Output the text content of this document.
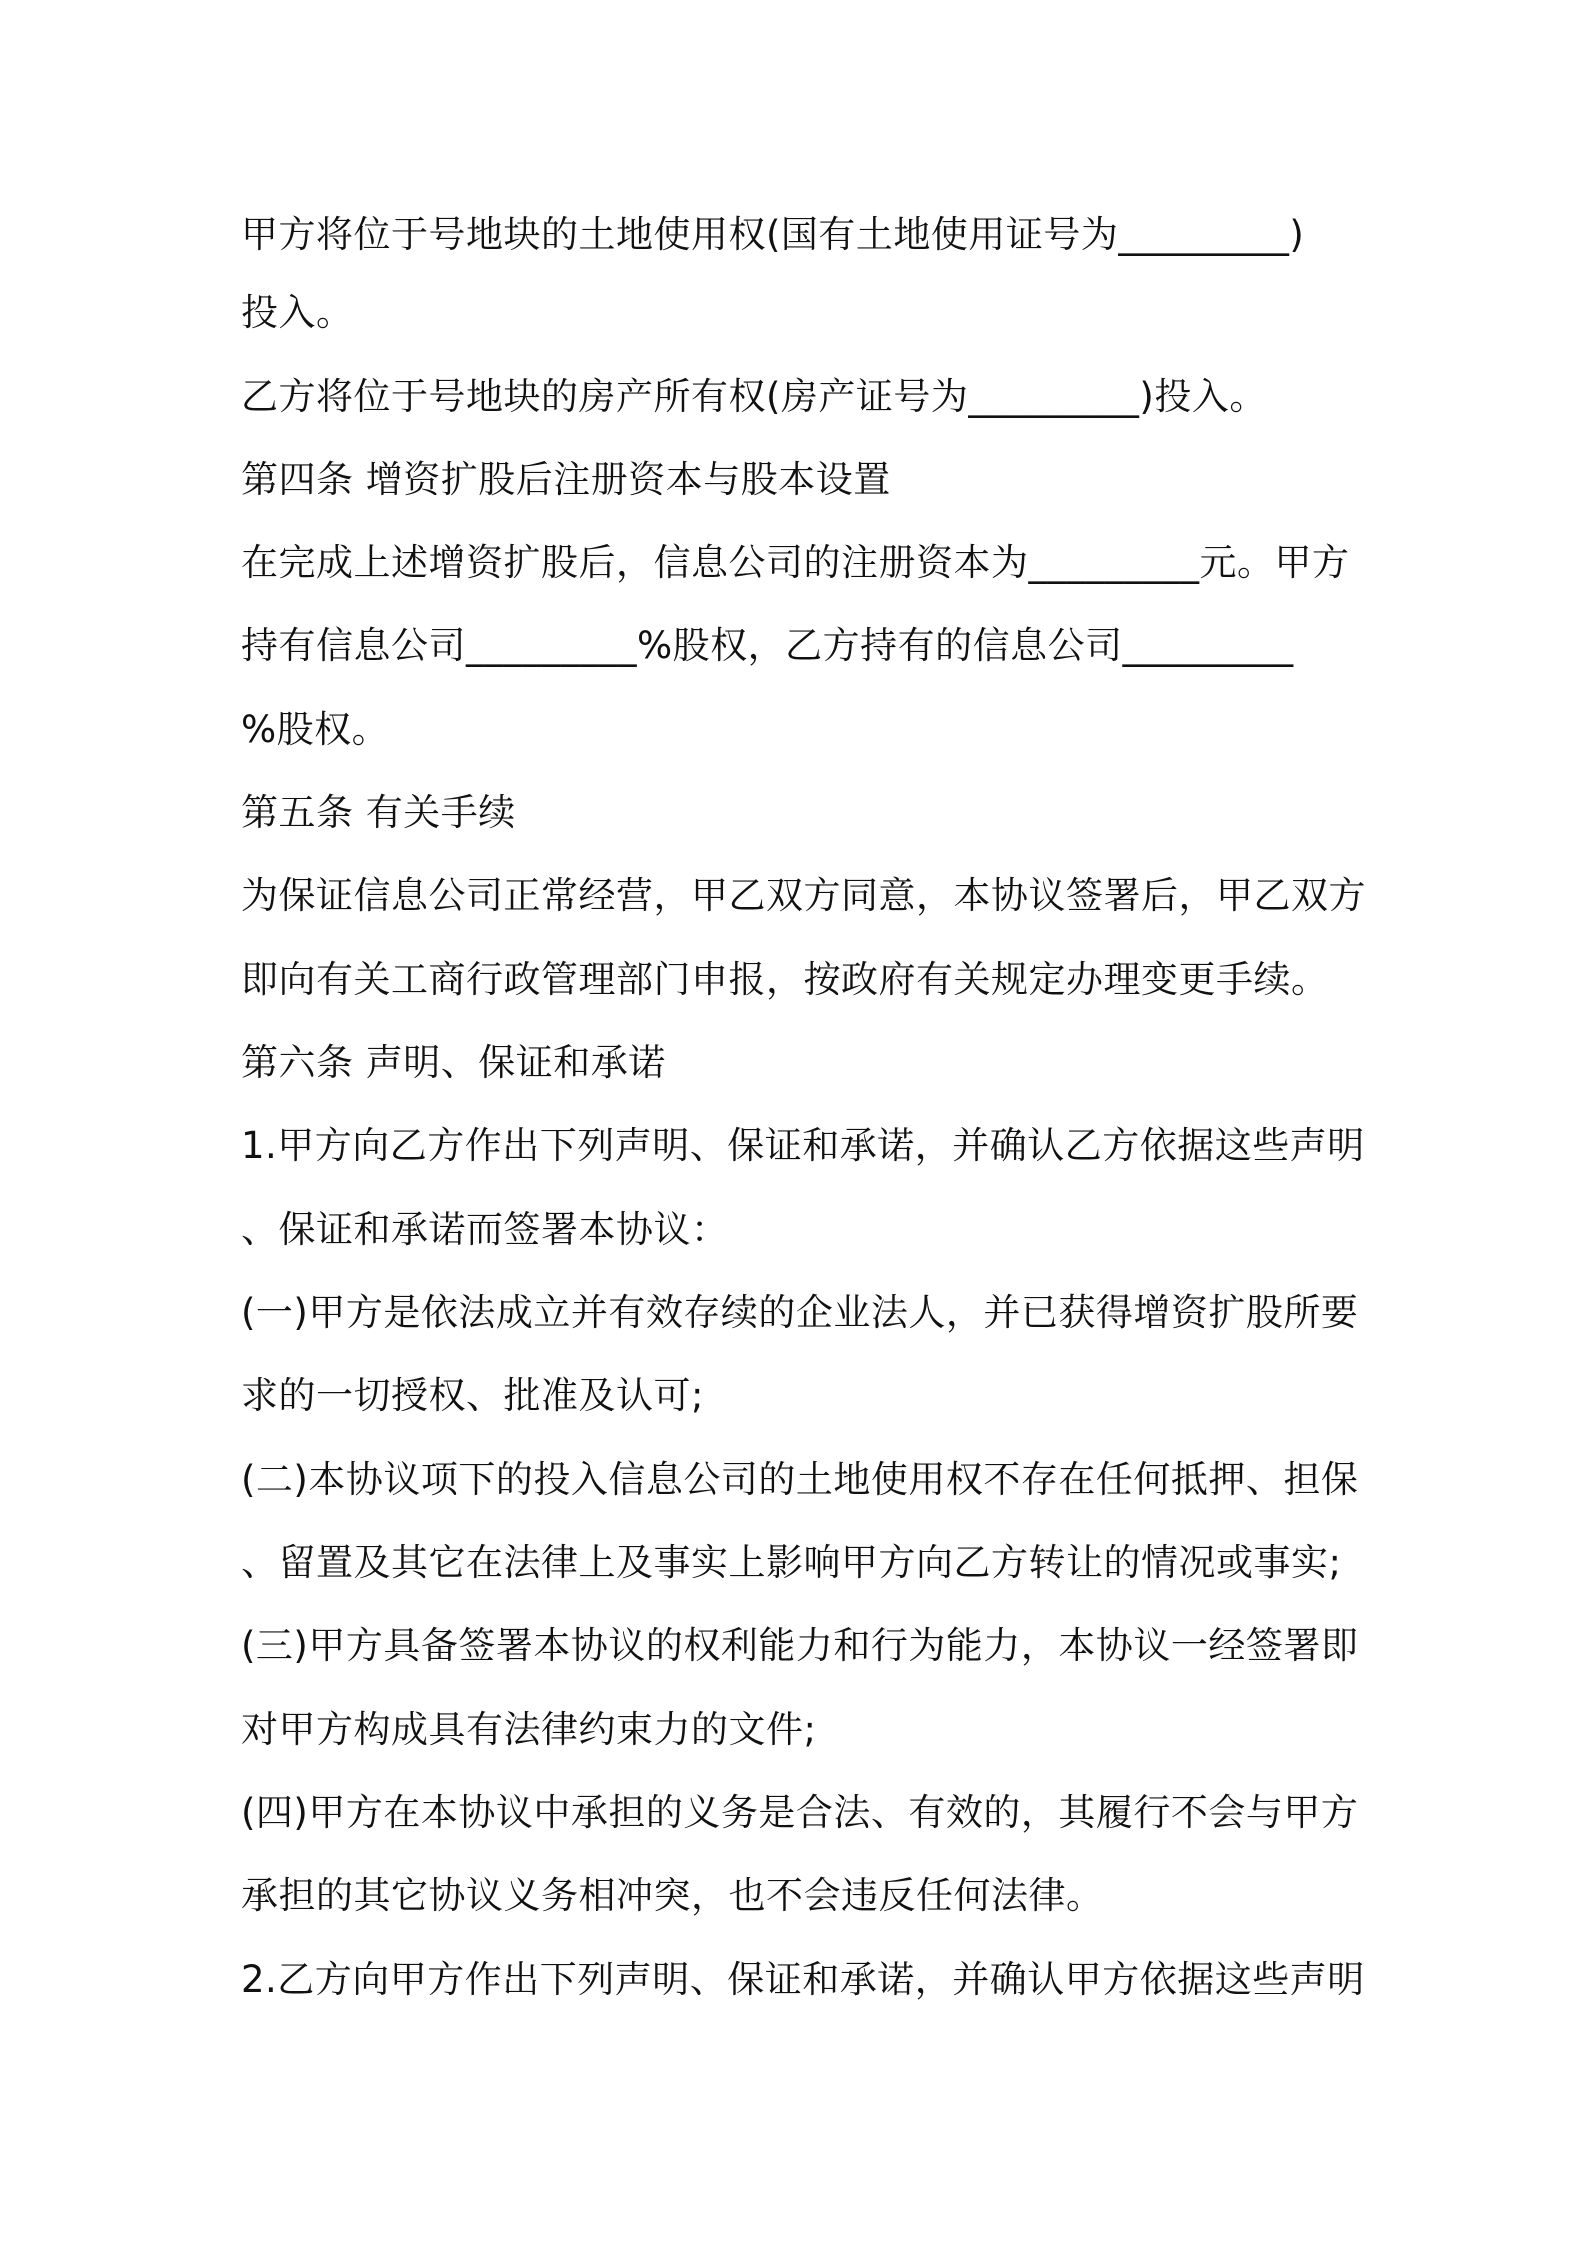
甲方将位于号地块的土地使用权(国有土地使用证号为_________)
投入。
乙方将位于号地块的房产所有权(房产证号为_________)投入。
第四条 增资扩股后注册资本与股本设置
在完成上述增资扩股后，信息公司的注册资本为_________元。甲方
持有信息公司_________%股权，乙方持有的信息公司_________
%股权。
第五条 有关手续
为保证信息公司正常经营，甲乙双方同意，本协议签署后，甲乙双方
即向有关工商行政管理部门申报，按政府有关规定办理变更手续。
第六条 声明、保证和承诺
1.甲方向乙方作出下列声明、保证和承诺，并确认乙方依据这些声明
、保证和承诺而签署本协议：
(一)甲方是依法成立并有效存续的企业法人，并已获得增资扩股所要
求的一切授权、批准及认可;
(二)本协议项下的投入信息公司的土地使用权不存在任何抵押、担保
、留置及其它在法律上及事实上影响甲方向乙方转让的情况或事实;
(三)甲方具备签署本协议的权利能力和行为能力，本协议一经签署即
对甲方构成具有法律约束力的文件;
(四)甲方在本协议中承担的义务是合法、有效的，其履行不会与甲方
承担的其它协议义务相冲突，也不会违反任何法律。
2.乙方向甲方作出下列声明、保证和承诺，并确认甲方依据这些声明
